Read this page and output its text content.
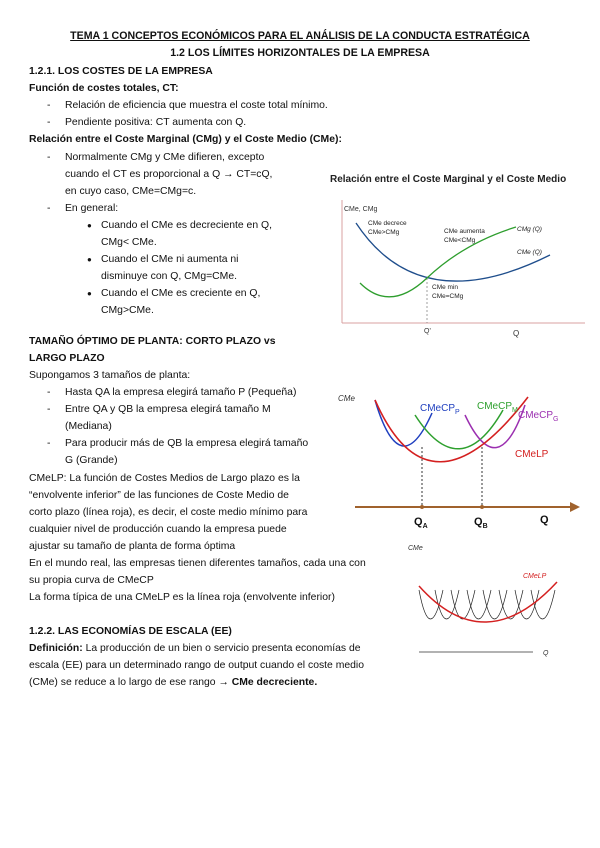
TEMA 1 CONCEPTOS ECONÓMICOS PARA EL ANÁLISIS DE LA CONDUCTA ESTRATÉGICA
1.2 LOS LÍMITES HORIZONTALES DE LA EMPRESA
1.2.1. LOS COSTES DE LA EMPRESA
Función de costes totales, CT:
- Relación de eficiencia que muestra el coste total mínimo.
- Pendiente positiva: CT aumenta con Q.
Relación entre el Coste Marginal (CMg) y el Coste Medio (CMe):
- Normalmente CMg y CMe difieren, excepto
cuando el CT es proporcional a Q → CT=cQ,
en cuyo caso, CMe=CMg=c.
- En general:
● Cuando el CMe es decreciente en Q,
CMg< CMe.
● Cuando el CMe ni aumenta ni
disminuye con Q, CMg=CMe.
● Cuando el CMe es creciente en Q,
CMg>CMe.
Relación entre el Coste Marginal y el Coste Medio
CMe, CMg
Q
Q'
CMe decrece
CMe>CMg	CMe aumenta
CMe<CMg
CMe min
CMe=CMg
CMg (Q)
CMe (Q)
TAMAÑO ÓPTIMO DE PLANTA: CORTO PLAZO vs
LARGO PLAZO
Supongamos 3 tamaños de planta:
- Hasta QA la empresa elegirá tamaño P (Pequeña)
- Entre QA y QB la empresa elegirá tamaño M
(Mediana)
- Para producir más de QB la empresa elegirá tamaño
G (Grande)
CMeLP: La función de Costes Medios de Largo plazo es la
“envolvente inferior” de las funciones de Coste Medio de
corto plazo (línea roja), es decir, el coste medio mínimo para
cualquier nivel de producción cuando la empresa puede
ajustar su tamaño de planta de forma óptima
En el mundo real, las empresas tienen diferentes tamaños, cada una con
su propia curva de CMeCP
La forma típica de una CMeLP es la línea roja (envolvente inferior)
CMe
CMeCP$_P$
CMeCP$_M$ CMeCP$_G$
CMeLP
$Q_A$	$Q_B$
Q
CMe
CMeLP
Q
1.2.2. LAS ECONOMÍAS DE ESCALA (EE)
Definición: La producción de un bien o servicio presenta economías de
escala (EE) para un determinado rango de output cuando el coste medio
(CMe) se reduce a lo largo de ese rango → CMe decreciente.
